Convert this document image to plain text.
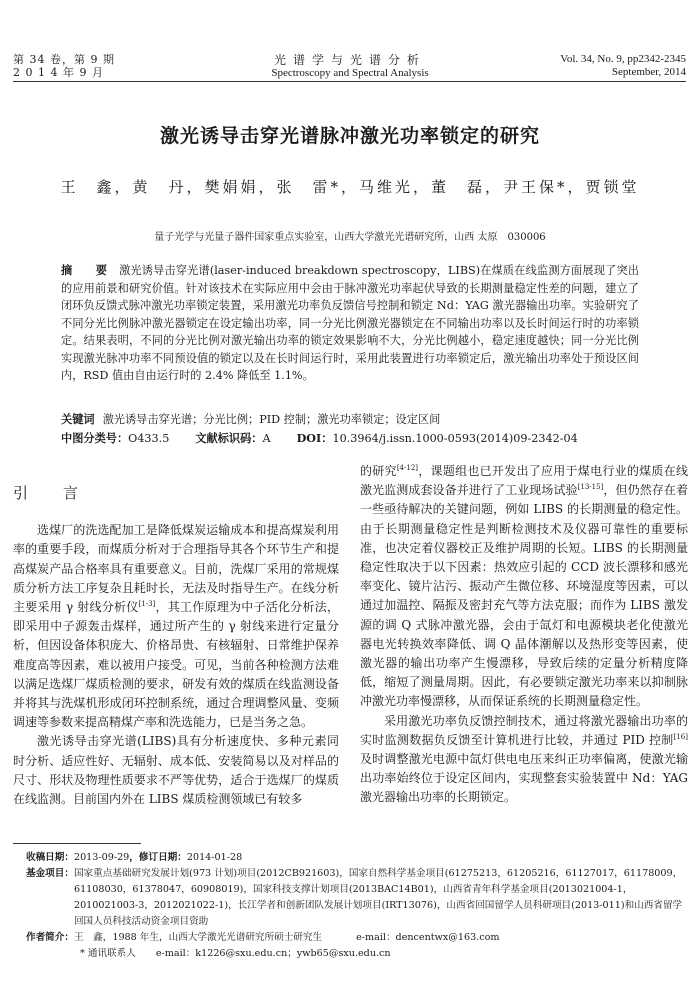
第 34 卷，第 9 期
2 0 1 4 年 9 月
光谱学与光谱分析
Spectroscopy and Spectral Analysis
Vol. 34, No. 9, pp2342-2345
September, 2014
激光诱导击穿光谱脉冲激光功率锁定的研究
王　鑫，黄　丹，樊娟娟，张　雷*，马维光，董　磊，尹王保*，贾锁堂
量子光学与光量子器件国家重点实验室，山西大学激光光谱研究所，山西 太原　030006
摘　要 激光诱导击穿光谱(laser-induced breakdown spectroscopy，LIBS)在煤质在线监测方面展现了突出的应用前景和研究价值。针对该技术在实际应用中会由于脉冲激光功率起伏导致的长期测量稳定性差的问题，建立了闭环负反馈式脉冲激光功率锁定装置，采用激光功率负反馈信号控制和锁定 Nd：YAG 激光器输出功率。实验研究了不同分光比例脉冲激光器锁定在设定输出功率，同一分光比例激光器锁定在不同输出功率以及长时间运行时的功率锁定。结果表明，不同的分光比例对激光输出功率的锁定效果影响不大，分光比例越小，稳定速度越快；同一分光比例实现激光脉冲功率不同预设值的锁定以及在长时间运行时，采用此装置进行功率锁定后，激光输出功率处于预设区间内，RSD 值由自由运行时的 2.4% 降低至 1.1%。
关键词 激光诱导击穿光谱；分光比例；PID 控制；激光功率锁定；设定区间
中图分类号：O433.5 文献标识码：A DOI：10.3964/j.issn.1000-0593(2014)09-2342-04
引　言

选煤厂的洗选配加工是降低煤炭运输成本和提高煤炭利用率的重要手段，而煤质分析对于合理指导其各个环节生产和提高煤炭产品合格率具有重要意义。目前，洗煤厂采用的常规煤质分析方法工序复杂且耗时长，无法及时指导生产。在线分析主要采用 γ 射线分析仪[1-3]，其工作原理为中子活化分析法，即采用中子源轰击煤样，通过所产生的 γ 射线来进行定量分析，但因设备体积庞大、价格昂贵、有核辐射、日常维护保养难度高等因素，难以被用户接受。可见，当前各种检测方法难以满足选煤厂煤质检测的要求，研发有效的煤质在线监测设备并将其与洗煤机形成闭环控制系统，通过合理调整风量、变频调速等参数来提高精煤产率和洗选能力，已是当务之急。

激光诱导击穿光谱(LIBS)具有分析速度快、多种元素同时分析、适应性好、无辐射、成本低、安装简易以及对样品的尺寸、形状及物理性质要求不严等优势，适合于选煤厂的煤质在线监测。目前国内外在 LIBS 煤质检测领域已有较多

的研究[4-12]，课题组也已开发出了应用于煤电行业的煤质在线激光监测成套设备并进行了工业现场试验[13-15]，但仍然存在着一些亟待解决的关键问题，例如 LIBS 的长期测量的稳定性。由于长期测量稳定性是判断检测技术及仪器可靠性的重要标准，也决定着仪器校正及维护周期的长短。LIBS 的长期测量稳定性取决于以下因素：热效应引起的 CCD 波长漂移和感光率变化、镜片沾污、振动产生微位移、环境湿度等因素，可以通过加温控、隔振及密封充气等方法克服；而作为 LIBS 激发源的调 Q 式脉冲激光器，会由于氙灯和电源模块老化使激光器电光转换效率降低、调 Q 晶体潮解以及热形变等因素，使激光器的输出功率产生慢漂移，导致后续的定量分析精度降低，缩短了测量周期。因此，有必要锁定激光功率来以抑制脉冲激光功率慢漂移，从而保证系统的长期测量稳定性。

采用激光功率负反馈控制技术，通过将激光器输出功率的实时监测数据负反馈至计算机进行比较，并通过 PID 控制[16]及时调整激光电源中氙灯供电电压来纠正功率偏离，使激光输出功率始终位于设定区间内，实现整套实验装置中 Nd：YAG 激光器输出功率的长期锁定。

收稿日期：2013-09-29，修订日期：2014-01-28
基金项目： 国家重点基础研究发展计划(973 计划)项目(2012CB921603)，国家自然科学基金项目(61275213，61205216，61127017，61178009，61108030，61378047，60908019)，国家科技支撑计划项目(2013BAC14B01)，山西省青年科学基金项目(2013021004-1，2010021003-3，2012021022-1)，长江学者和创新团队发展计划项目(IRT13076)，山西省回国留学人员科研项目(2013-011)和山西省留学回国人员科技活动资金项目资助
作者简介： 王　鑫，1988 年生，山西大学激光光谱研究所硕士研究生	e-mail：dencentwx@163.com
* 通讯联系人 e-mail：k1226@sxu.edu.cn；ywb65@sxu.edu.cn
